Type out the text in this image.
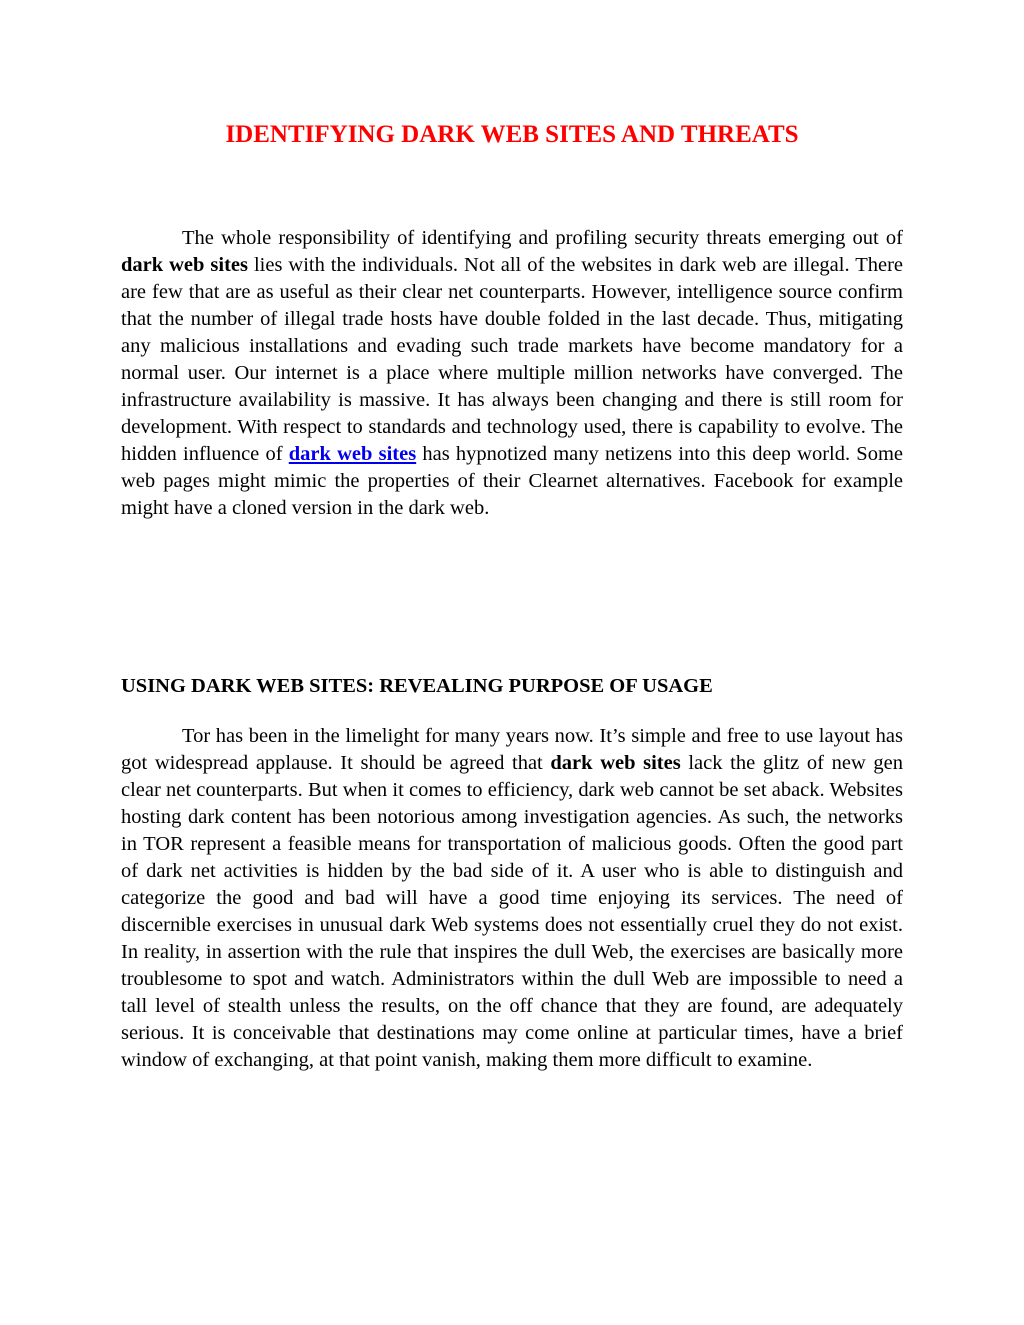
IDENTIFYING DARK WEB SITES AND THREATS

The whole responsibility of identifying and profiling security threats emerging out of dark web sites lies with the individuals. Not all of the websites in dark web are illegal. There are few that are as useful as their clear net counterparts. However, intelligence source confirm that the number of illegal trade hosts have double folded in the last decade. Thus, mitigating any malicious installations and evading such trade markets have become mandatory for a normal user. Our internet is a place where multiple million networks have converged. The infrastructure availability is massive. It has always been changing and there is still room for development. With respect to standards and technology used, there is capability to evolve. The hidden influence of dark web sites has hypnotized many netizens into this deep world. Some web pages might mimic the properties of their Clearnet alternatives. Facebook for example might have a cloned version in the dark web.

USING DARK WEB SITES: REVEALING PURPOSE OF USAGE

Tor has been in the limelight for many years now. It’s simple and free to use layout has got widespread applause. It should be agreed that dark web sites lack the glitz of new gen clear net counterparts. But when it comes to efficiency, dark web cannot be set aback. Websites hosting dark content has been notorious among investigation agencies. As such, the networks in TOR represent a feasible means for transportation of malicious goods. Often the good part of dark net activities is hidden by the bad side of it. A user who is able to distinguish and categorize the good and bad will have a good time enjoying its services. The need of discernible exercises in unusual dark Web systems does not essentially cruel they do not exist. In reality, in assertion with the rule that inspires the dull Web, the exercises are basically more troublesome to spot and watch. Administrators within the dull Web are impossible to need a tall level of stealth unless the results, on the off chance that they are found, are adequately serious. It is conceivable that destinations may come online at particular times, have a brief window of exchanging, at that point vanish, making them more difficult to examine.
